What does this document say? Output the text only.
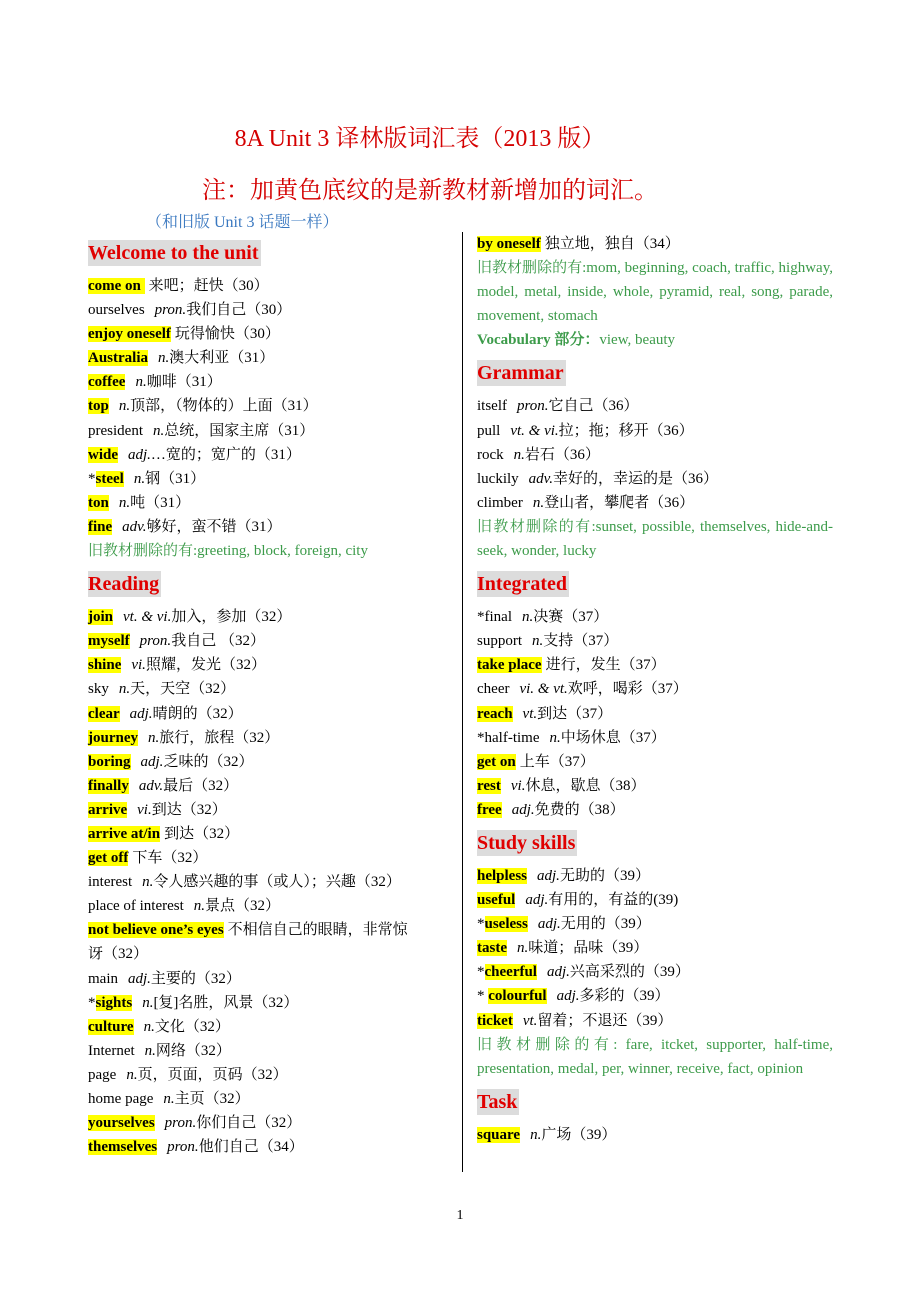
8A Unit 3 译林版词汇表（2013 版）
注：加黄色底纹的是新教材新增加的词汇。
（和旧版 Unit 3 话题一样）
Welcome to the unit
come on 来吧；赶快（30）
ourselves pron.我们自己（30）
enjoy oneself 玩得愉快（30）
Australia n.澳大利亚（31）
coffee n.咖啡（31）
top n.顶部，（物体的）上面（31）
president n.总统，国家主席（31）
wide adj.…宽的；宽广的（31）
*steel n.钢（31）
ton n.吨（31）
fine adv.够好，蛮不错（31）
旧教材删除的有:greeting, block, foreign, city
Reading
join vt. & vi.加入，参加（32）
myself pron.我自己 （32）
shine vi.照耀，发光（32）
sky n.天，天空（32）
clear adj.晴朗的（32）
journey n.旅行，旅程（32）
boring adj.乏味的（32）
finally adv.最后（32）
arrive vi.到达（32）
arrive at/in 到达（32）
get off 下车（32）
interest n.令人感兴趣的事（或人）；兴趣（32）
place of interest n.景点（32）
not believe one’s eyes 不相信自己的眼睛，非常惊
讶（32）
main adj.主要的（32）
*sights n.[复]名胜，风景（32）
culture n.文化（32）
Internet n.网络（32）
page n.页，页面，页码（32）
home page n.主页（32）
yourselves pron.你们自己（32）
themselves pron.他们自己（34）
by oneself 独立地，独自（34）
旧教材删除的有:mom, beginning, coach, traffic, highway, model, metal, inside, whole, pyramid, real, song, parade, movement, stomach
Vocabulary 部分：view, beauty
Grammar
itself pron.它自己（36）
pull vt. & vi.拉；拖；移开（36）
rock n.岩石（36）
luckily adv.幸好的，幸运的是（36）
climber n.登山者，攀爬者（36）
旧教材删除的有:sunset, possible, themselves, hide-and-seek, wonder, lucky
Integrated
*final n.决赛（37）
support n.支持（37）
take place 进行，发生（37）
cheer vi. & vt.欢呼，喝彩（37）
reach vt.到达（37）
*half-time n.中场休息（37）
get on 上车（37）
rest vi.休息，歇息（38）
free adj.免费的（38）
Study skills
helpless adj.无助的（39）
useful adj.有用的，有益的(39)
*useless adj.无用的（39）
taste n.味道；品味（39）
*cheerful adj.兴高采烈的（39）
* colourful adj.多彩的（39）
ticket vt.留着；不退还（39）
旧教材删除的有: fare, itcket, supporter, half-time, presentation, medal, per, winner, receive, fact, opinion
Task
square n.广场（39）
1
